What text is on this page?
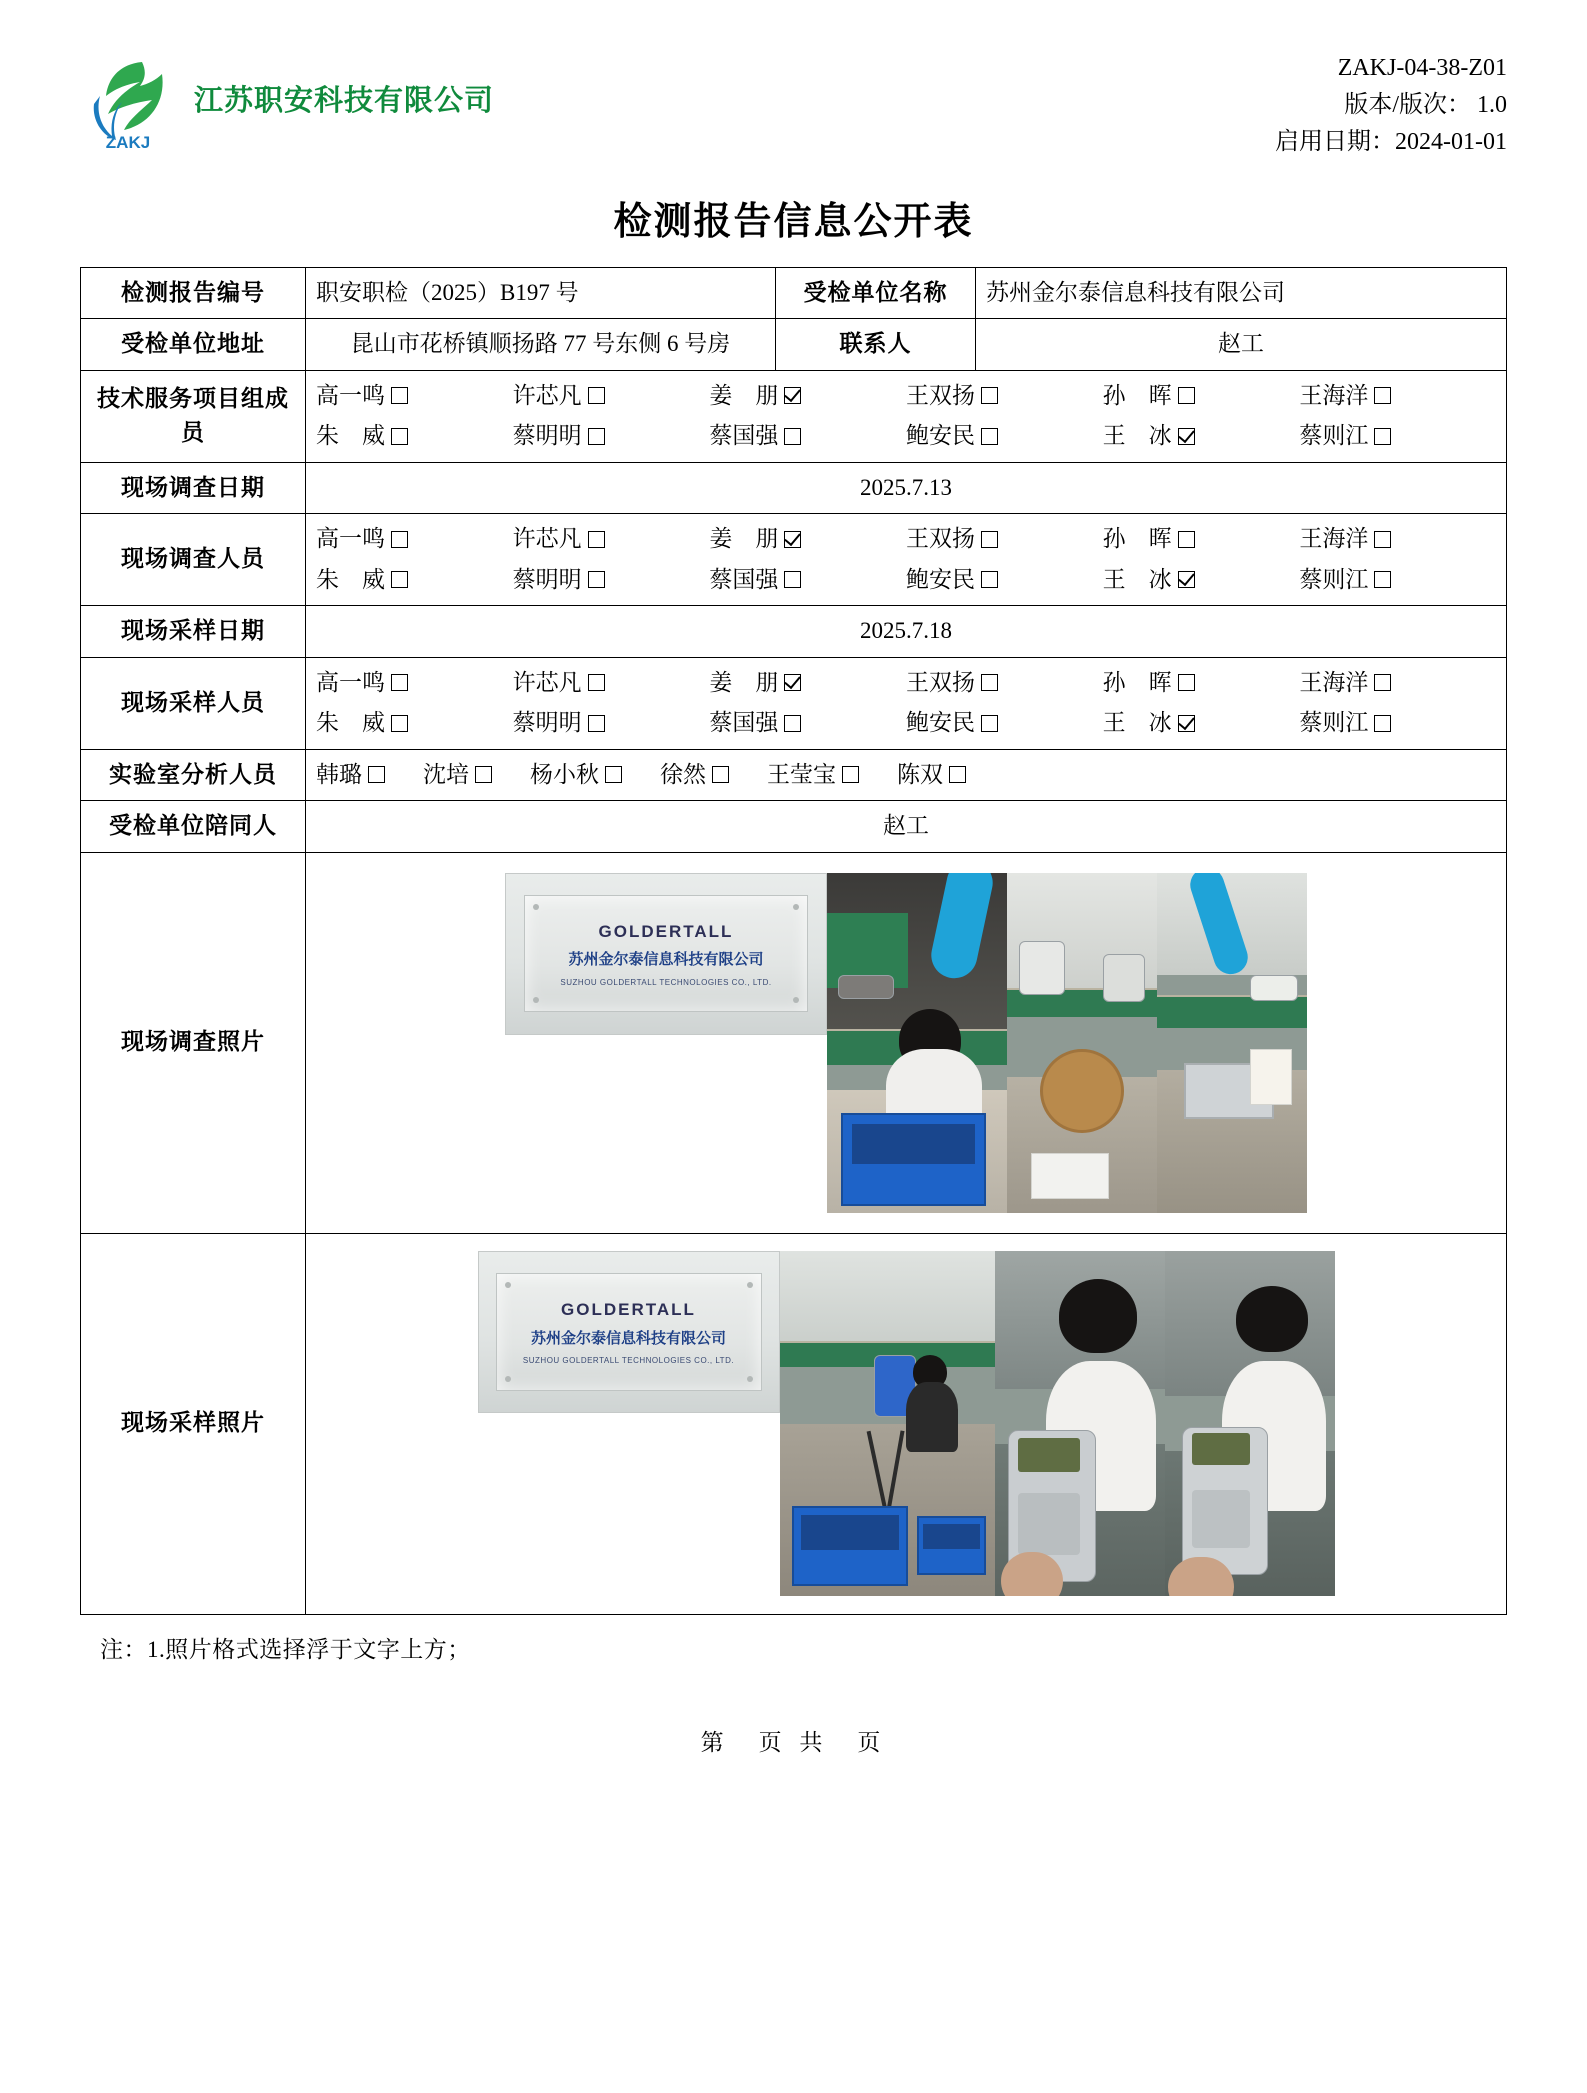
ZAKJ
江苏职安科技有限公司
ZAKJ-04-38-Z01
版本/版次： 1.0
启用日期：2024-01-01
检测报告信息公开表
检测报告编号	职安职检（2025）B197 号	受检单位名称	苏州金尔泰信息科技有限公司
受检单位地址	昆山市花桥镇顺扬路 77 号东侧 6 号房	联系人	赵工
技术服务项目组成员	
高一鸣	许芯凡	姜　朋	王双扬	孙　晖	王海洋
朱　威	蔡明明	蔡国强	鲍安民	王　冰	蔡则江

现场调查日期	2025.7.13		
现场调查人员	
高一鸣	许芯凡	姜　朋	王双扬	孙　晖	王海洋
朱　威	蔡明明	蔡国强	鲍安民	王　冰	蔡则江

现场采样日期	2025.7.18		
现场采样人员	
高一鸣	许芯凡	姜　朋	王双扬	孙　晖	王海洋
朱　威	蔡明明	蔡国强	鲍安民	王　冰	蔡则江

实验室分析人员	韩璐	沈培	杨小秋	徐然	王莹宝	陈双

受检单位陪同人	赵工		
现场调查照片	GOLDERTALL
苏州金尔泰信息科技有限公司
SUZHOU GOLDERTALL TECHNOLOGIES CO., LTD.		

现场采样照片	GOLDERTALL
苏州金尔泰信息科技有限公司
SUZHOU GOLDERTALL TECHNOLOGIES CO., LTD.		
注：1.照片格式选择浮于文字上方；
第　页 共　页
